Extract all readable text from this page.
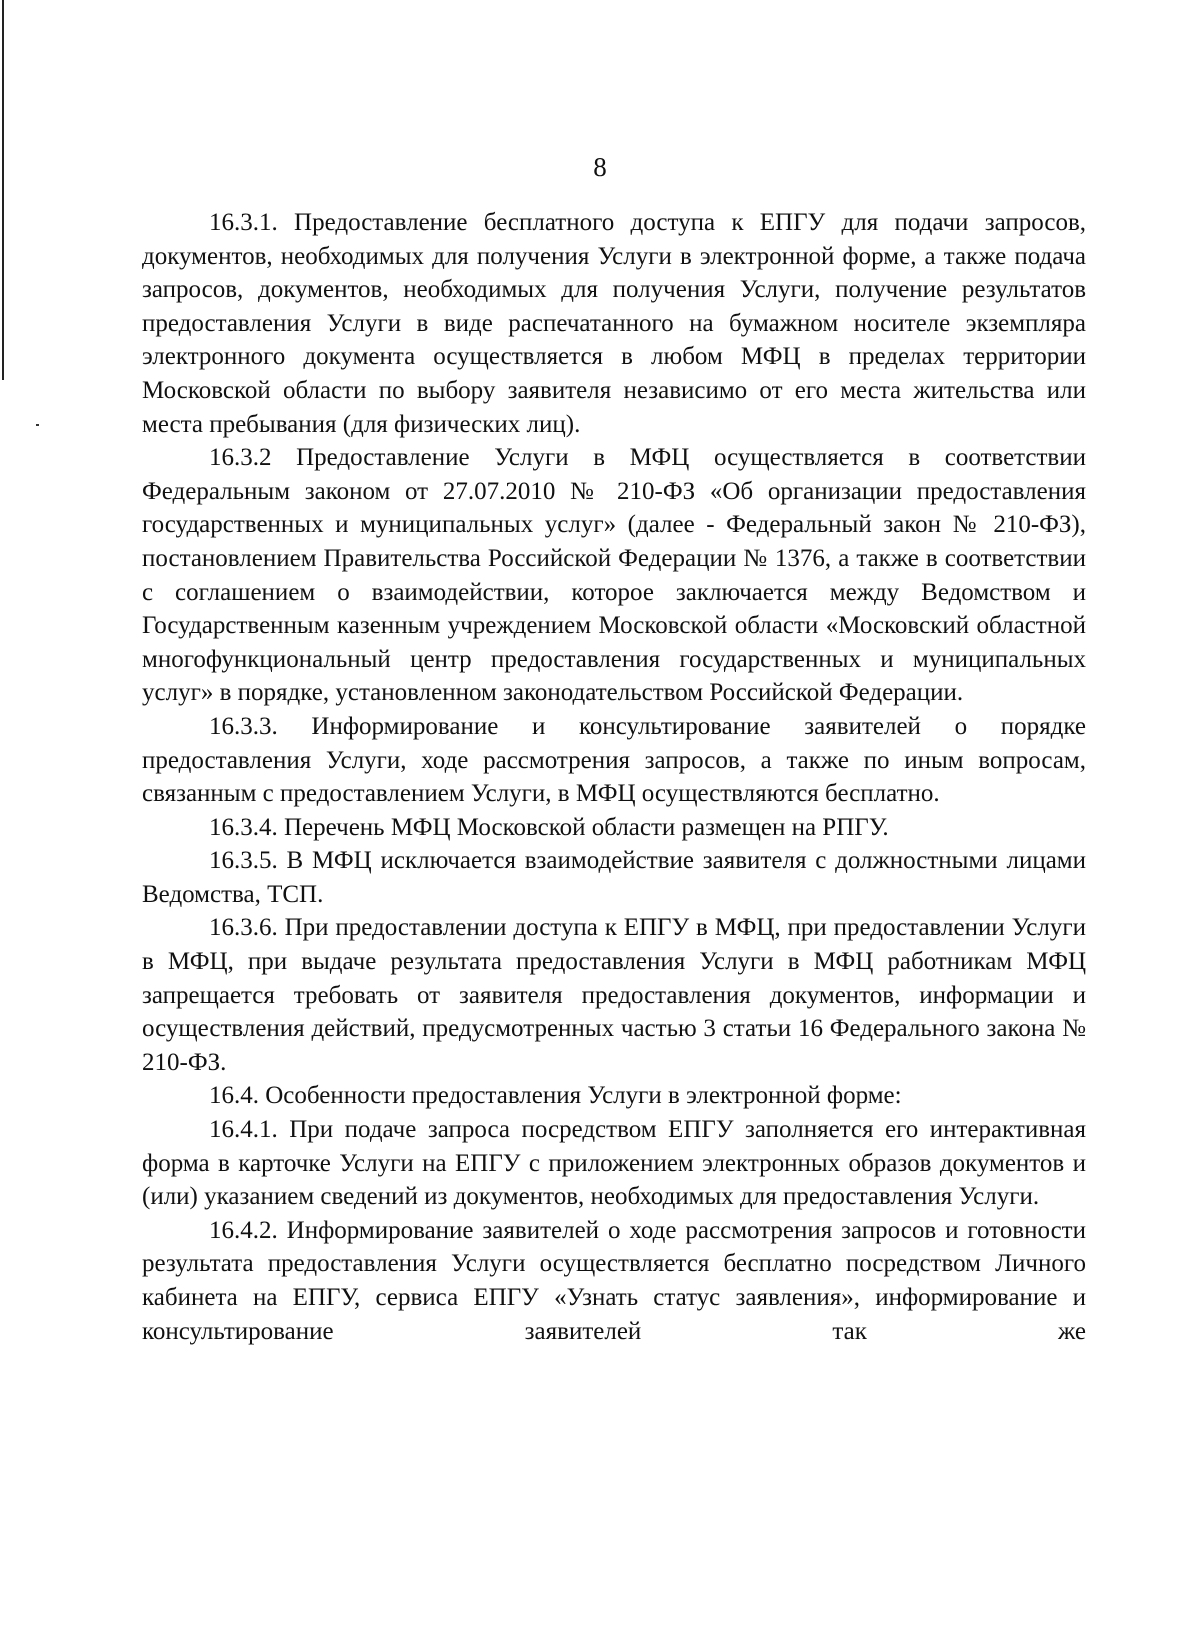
8

16.3.1. Предоставление бесплатного доступа к ЕПГУ для подачи запросов, документов, необходимых для получения Услуги в электронной форме, а также подача запросов, документов, необходимых для получения Услуги, получение результатов предоставления Услуги в виде распечатанного на бумажном носителе экземпляра электронного документа осуществляется в любом МФЦ в пределах территории Московской области по выбору заявителя независимо от его места жительства или места пребывания (для физических лиц).

16.3.2 Предоставление Услуги в МФЦ осуществляется в соответствии Федеральным законом от 27.07.2010 № 210-ФЗ «Об организации предоставления государственных и муниципальных услуг» (далее - Федеральный закон № 210-ФЗ), постановлением Правительства Российской Федерации № 1376, а также в соответствии с соглашением о взаимодействии, которое заключается между Ведомством и Государственным казенным учреждением Московской области «Московский областной многофункциональный центр предоставления государственных и муниципальных услуг» в порядке, установленном законодательством Российской Федерации.

16.3.3. Информирование и консультирование заявителей о порядке предоставления Услуги, ходе рассмотрения запросов, а также по иным вопросам, связанным с предоставлением Услуги, в МФЦ осуществляются бесплатно.

16.3.4. Перечень МФЦ Московской области размещен на РПГУ.

16.3.5. В МФЦ исключается взаимодействие заявителя с должностными лицами Ведомства, ТСП.

16.3.6. При предоставлении доступа к ЕПГУ в МФЦ, при предоставлении Услуги в МФЦ, при выдаче результата предоставления Услуги в МФЦ работникам МФЦ запрещается требовать от заявителя предоставления документов, информации и осуществления действий, предусмотренных частью 3 статьи 16 Федерального закона № 210-ФЗ.

16.4. Особенности предоставления Услуги в электронной форме:

16.4.1. При подаче запроса посредством ЕПГУ заполняется его интерактивная форма в карточке Услуги на ЕПГУ с приложением электронных образов документов и (или) указанием сведений из документов, необходимых для предоставления Услуги.

16.4.2. Информирование заявителей о ходе рассмотрения запросов и готовности результата предоставления Услуги осуществляется бесплатно посредством Личного кабинета на ЕПГУ, сервиса ЕПГУ «Узнать статус заявления», информирование и консультирование заявителей так же
